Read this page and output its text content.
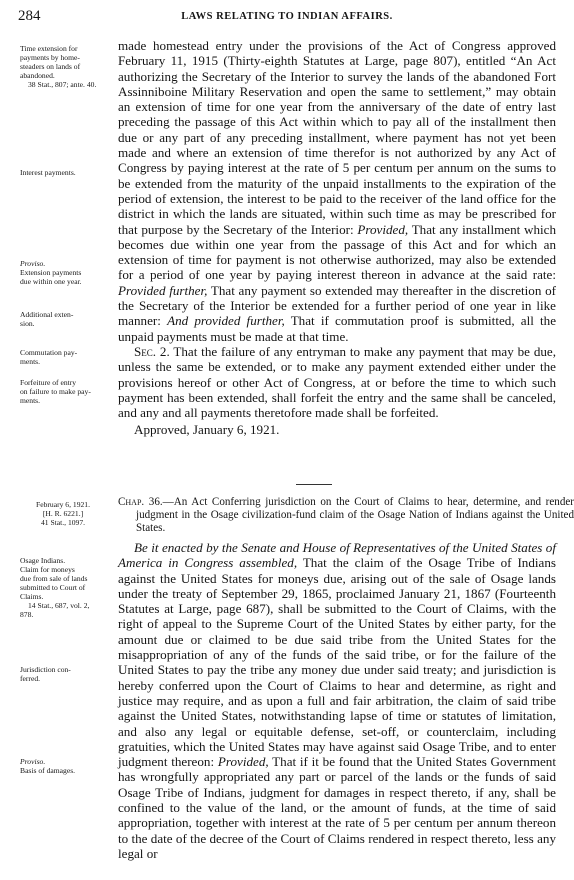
284	LAWS RELATING TO INDIAN AFFAIRS.
Time extension for
payments by home-
steaders on lands of
abandoned.
38 Stat., 807; ante. 40.
Interest payments.
Proviso.
Extension payments
due within one year.
Additional exten-
sion.
Commutation pay-
ments.
Forfeiture of entry
on failure to make pay-
ments.

made homestead entry under the provisions of the Act of Congress approved February 11, 1915 (Thirty-eighth Statutes at Large, page 807), entitled “An Act authorizing the Secretary of the Interior to survey the lands of the abandoned Fort Assinniboine Military Reservation and open the same to settlement,” may obtain an extension of time for one year from the anniversary of the date of entry last preceding the passage of this Act within which to pay all of the installment then due or any part of any preceding installment, where payment has not yet been made and where an extension of time therefor is not authorized by any Act of Congress by paying interest at the rate of 5 per centum per annum on the sums to be extended from the maturity of the unpaid installments to the expiration of the period of extension, the interest to be paid to the receiver of the land office for the district in which the lands are situated, within such time as may be prescribed for that purpose by the Secretary of the Interior: Provided, That any installment which becomes due within one year from the passage of this Act and for which an extension of time for payment is not otherwise authorized, may also be extended for a period of one year by paying interest thereon in advance at the said rate: Provided further, That any payment so extended may thereafter in the discretion of the Secretary of the Interior be extended for a further period of one year in like manner: And provided further, That if commutation proof is submitted, all the unpaid payments must be made at that time.

Sec. 2. That the failure of any entryman to make any payment that may be due, unless the same be extended, or to make any payment extended either under the provisions hereof or other Act of Congress, at or before the time to which such payment has been extended, shall forfeit the entry and the same shall be canceled, and any and all payments theretofore made shall be forfeited.

Approved, January 6, 1921.

February 6, 1921.
[H. R. 6221.]
41 Stat., 1097.
Osage Indians.
Claim for moneys
due from sale of lands
submitted to Court of
Claims.
14 Stat., 687, vol. 2,
878.
Jurisdiction con-
ferred.
Proviso.
Basis of damages.
Chap. 36.—An Act Conferring jurisdiction on the Court of Claims to hear, determine, and render judgment in the Osage civilization-fund claim of the Osage Nation of Indians against the United States.

Be it enacted by the Senate and House of Representatives of the United States of America in Congress assembled, That the claim of the Osage Tribe of Indians against the United States for moneys due, arising out of the sale of Osage lands under the treaty of September 29, 1865, proclaimed January 21, 1867 (Fourteenth Statutes at Large, page 687), shall be submitted to the Court of Claims, with the right of appeal to the Supreme Court of the United States by either party, for the amount due or claimed to be due said tribe from the United States for the misappropriation of any of the funds of the said tribe, or for the failure of the United States to pay the tribe any money due under said treaty; and jurisdiction is hereby conferred upon the Court of Claims to hear and determine, as right and justice may require, and as upon a full and fair arbitration, the claim of said tribe against the United States, notwithstanding lapse of time or statutes of limitation, and also any legal or equitable defense, set-off, or counterclaim, including gratuities, which the United States may have against said Osage Tribe, and to enter judgment thereon: Provided, That if it be found that the United States Government has wrongfully appropriated any part or parcel of the lands or the funds of said Osage Tribe of Indians, judgment for damages in respect thereto, if any, shall be confined to the value of the land, or the amount of funds, at the time of said appropriation, together with interest at the rate of 5 per centum per annum thereon to the date of the decree of the Court of Claims rendered in respect thereto, less any legal or
